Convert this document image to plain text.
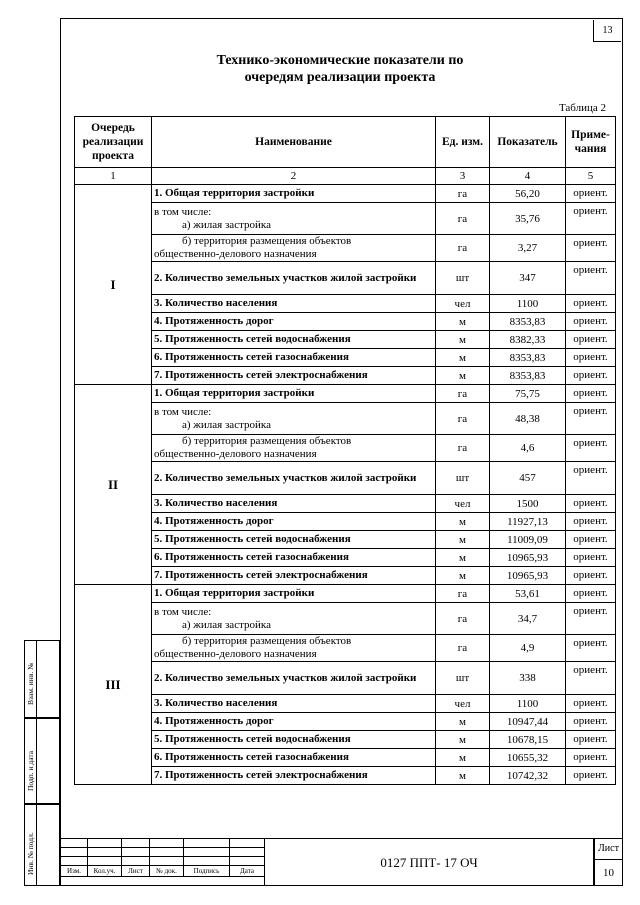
13
Технико-экономические показатели по
очередям реализации проекта
Таблица 2
Очередь реализации проекта	Наименование	Ед. изм.	Показатель	Приме-чания
1	2	3	4	5
I	1. Общая территория застройки	га	56,20	ориент.

	в том числе:
а) жилая застройка	га	35,76	ориент.

	б) территория размещения объектов
общественно-делового назначения	га	3,27	ориент.
	2. Количество земельных участков жилой застройки	шт	347	ориент.
	3. Количество населения	чел	1100	ориент.
	4. Протяженность дорог	м	8353,83	ориент.
	5. Протяженность сетей водоснабжения	м	8382,33	ориент.
	6. Протяженность сетей газоснабжения	м	8353,83	ориент.
	7. Протяженность сетей электроснабжения	м	8353,83	ориент.
II	1. Общая территория застройки	га	75,75	ориент.

	в том числе:
а) жилая застройка	га	48,38	ориент.

	б) территория размещения объектов
общественно-делового назначения	га	4,6	ориент.
	2. Количество земельных участков жилой застройки	шт	457	ориент.
	3. Количество населения	чел	1500	ориент.
	4. Протяженность дорог	м	11927,13	ориент.
	5. Протяженность сетей водоснабжения	м	11009,09	ориент.
	6. Протяженность сетей газоснабжения	м	10965,93	ориент.
	7. Протяженность сетей электроснабжения	м	10965,93	ориент.
III	1. Общая территория застройки	га	53,61	ориент.

	в том числе:
а) жилая застройка	га	34,7	ориент.

	б) территория размещения объектов
общественно-делового назначения	га	4,9	ориент.
	2. Количество земельных участков жилой застройки	шт	338	ориент.
	3. Количество населения	чел	1100	ориент.
	4. Протяженность дорог	м	10947,44	ориент.
	5. Протяженность сетей водоснабжения	м	10678,15	ориент.
	6. Протяженность сетей газоснабжения	м	10655,32	ориент.
	7. Протяженность сетей электроснабжения	м	10742,32	ориент.
Взам. инв. №
Подп. и дата
Инв. № подл.

						Изм.	Кол.уч.	Лист	№ док.	Подпись	Дата
0127 ППТ- 17 ОЧ
Лист
10
